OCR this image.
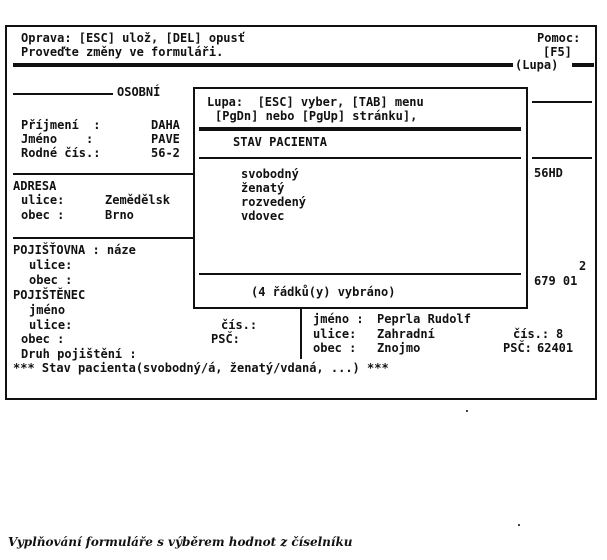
Oprava: [ESC] ulož, [DEL] opusť
Proveďte změny ve formuláři.
Pomoc:
[F5]
(Lupa)
OSOBNÍ
Příjmení  :	DAHA
Jméno    :	PAVE
Rodné čís.:	56-2
56HD
ADRESA
ulice:	Zemědělsk
obec :	Brno
POJIŠŤOVNA : náze
ulice:
obec :
2
679 01
POJIŠTĚNEC
jméno
ulice:	čís.:
obec :	PSČ:
Druh pojištění :
jméno : Peprla Rudolf
ulice: Zahradní	čís.: 8
obec : Znojmo	PSČ: 62401
*** Stav pacienta(svobodný/á, ženatý/vdaná, ...) ***
Lupa:  [ESC] vyber, [TAB] menu
[PgDn] nebo [PgUp] stránku],
STAV PACIENTA
svobodný
ženatý
rozvedený
vdovec
(4 řádků(y) vybráno)
Vyplňování formuláře s výběrem hodnot z číselníku
